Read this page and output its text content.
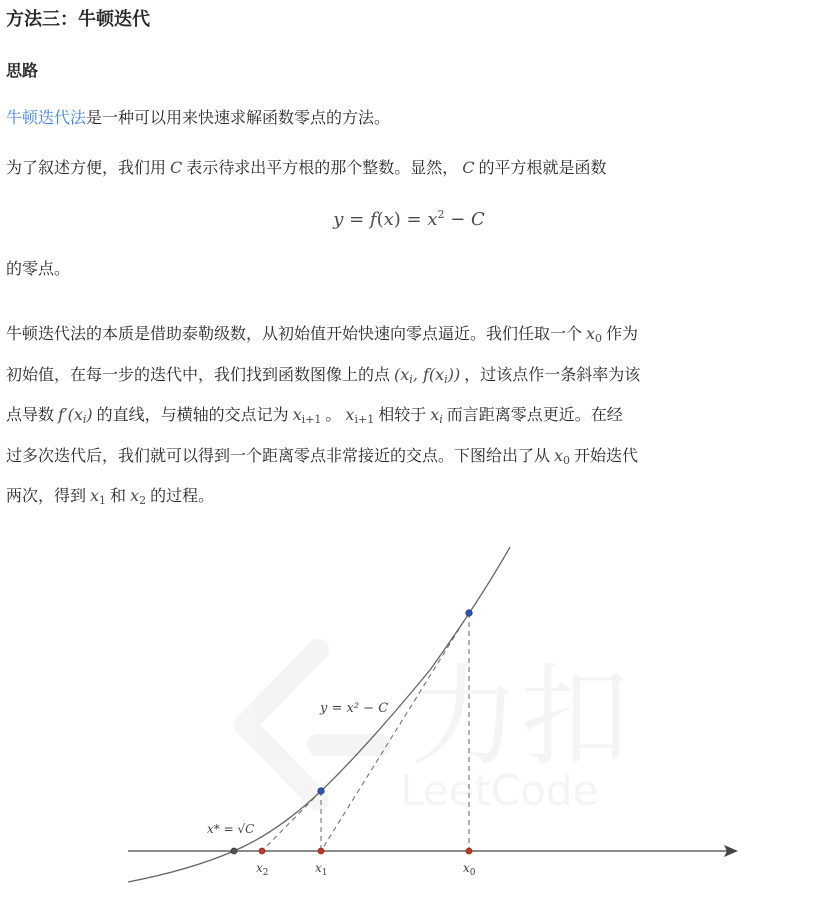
方法三：牛顿迭代
思路
牛顿迭代法是一种可以用来快速求解函数零点的方法。
为了叙述方便，我们用 C 表示待求出平方根的那个整数。显然， C 的平方根就是函数
$y = f(x) = x^2 - C$
的零点。
牛顿迭代法的本质是借助泰勒级数，从初始值开始快速向零点逼近。我们任取一个 $x_0$ 作为
初始值，在每一步的迭代中，我们找到函数图像上的点 ($x_i$, $f(x_i)$) ，过该点作一条斜率为该
点导数 $f'(x_i)$ 的直线，与横轴的交点记为 $x_{i+1}$ 。 $x_{i+1}$ 相较于 $x_i$ 而言距离零点更近。在经
过多次迭代后，我们就可以得到一个距离零点非常接近的交点。下图给出了从 $x_0$ 开始迭代
两次，得到 $x_1$ 和 $x_2$ 的过程。
力扣
LeetCode
y = x² − C
x* = √C
$x_2$	$x_1$	$x_0$
